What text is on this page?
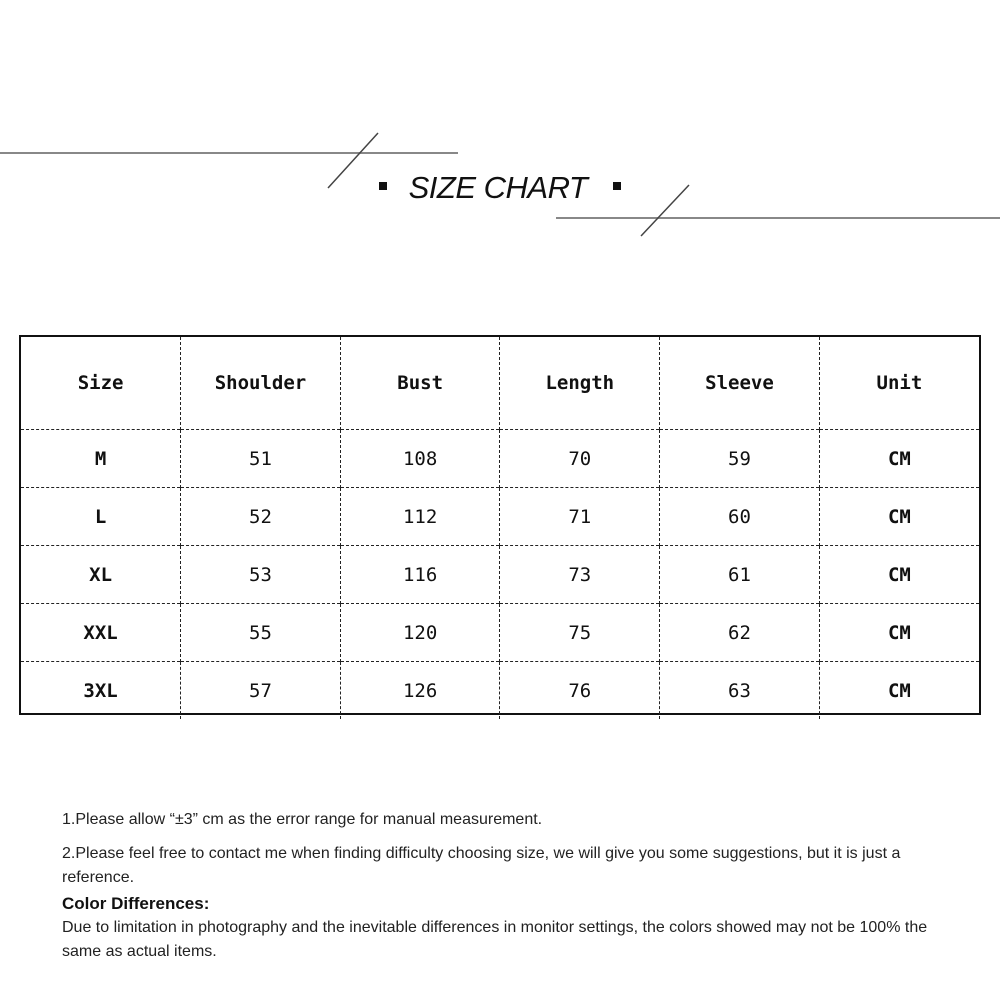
SIZE CHART
Size	Shoulder	Bust	Length	Sleeve	Unit
M	51	108	70	59	CM
L	52	112	71	60	CM
XL	53	116	73	61	CM
XXL	55	120	75	62	CM
3XL	57	126	76	63	CM

1.Please allow “±3” cm as the error range for manual measurement.

2.Please feel free to contact me when finding difficulty choosing size, we will give you some suggestions, but it is just a reference.

Color Differences:

Due to limitation in photography and the inevitable differences in monitor settings, the colors showed may not be 100% the same as actual items.
